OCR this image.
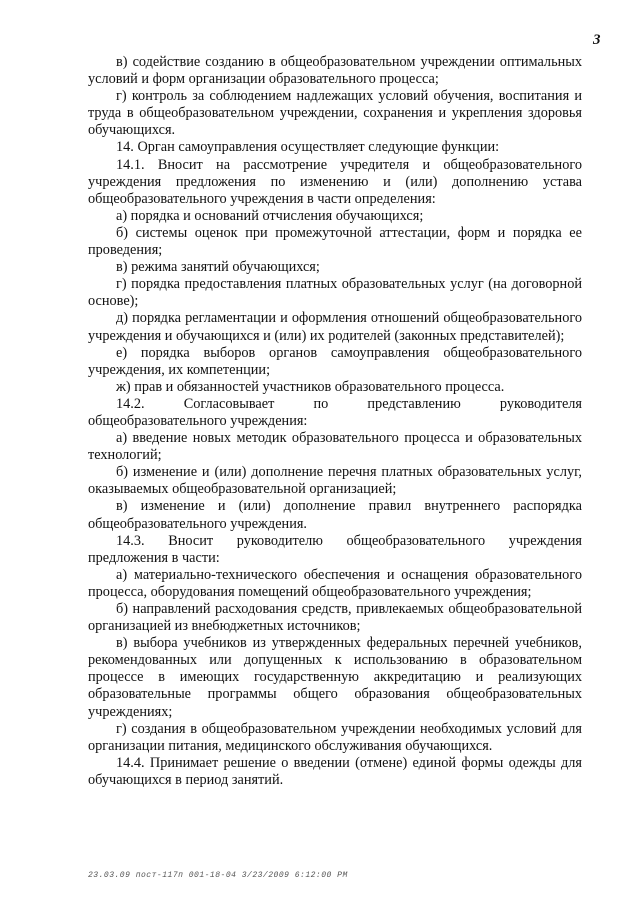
3

в) содействие созданию в общеобразовательном учреждении оптимальных условий и форм организации образовательного процесса;

г) контроль за соблюдением надлежащих условий обучения, воспитания и труда в общеобразовательном учреждении, сохранения и укрепления здоровья обучающихся.

14. Орган самоуправления осуществляет следующие функции:

14.1. Вносит на рассмотрение учредителя и общеобразовательного учреждения предложения по изменению и (или) дополнению устава общеобразовательного учреждения в части определения:

а) порядка и оснований отчисления обучающихся;

б) системы оценок при промежуточной аттестации, форм и порядка ее проведения;

в) режима занятий обучающихся;

г) порядка предоставления платных образовательных услуг (на договорной основе);

д) порядка регламентации и оформления отношений общеобразовательного учреждения и обучающихся и (или) их родителей (законных представителей);

е) порядка выборов органов самоуправления общеобразовательного учреждения, их компетенции;

ж) прав и обязанностей участников образовательного процесса.

14.2. Согласовывает по представлению руководителя общеобразовательного учреждения:

а) введение новых методик образовательного процесса и образовательных технологий;

б) изменение и (или) дополнение перечня платных образовательных услуг, оказываемых общеобразовательной организацией;

в) изменение и (или) дополнение правил внутреннего распорядка общеобразовательного учреждения.

14.3. Вносит руководителю общеобразовательного учреждения предложения в части:

а) материально-технического обеспечения и оснащения образовательного процесса, оборудования помещений общеобразовательного учреждения;

б) направлений расходования средств, привлекаемых общеобразовательной организацией из внебюджетных источников;

в) выбора учебников из утвержденных федеральных перечней учебников, рекомендованных или допущенных к использованию в образовательном процессе в имеющих государственную аккредитацию и реализующих образовательные программы общего образования общеобразовательных учреждениях;

г) создания в общеобразовательном учреждении необходимых условий для организации питания, медицинского обслуживания обучающихся.

14.4. Принимает решение о введении (отмене) единой формы одежды для обучающихся в период занятий.

23.03.09 пост-117п 001-18-04 3/23/2009 6:12:00 PM
